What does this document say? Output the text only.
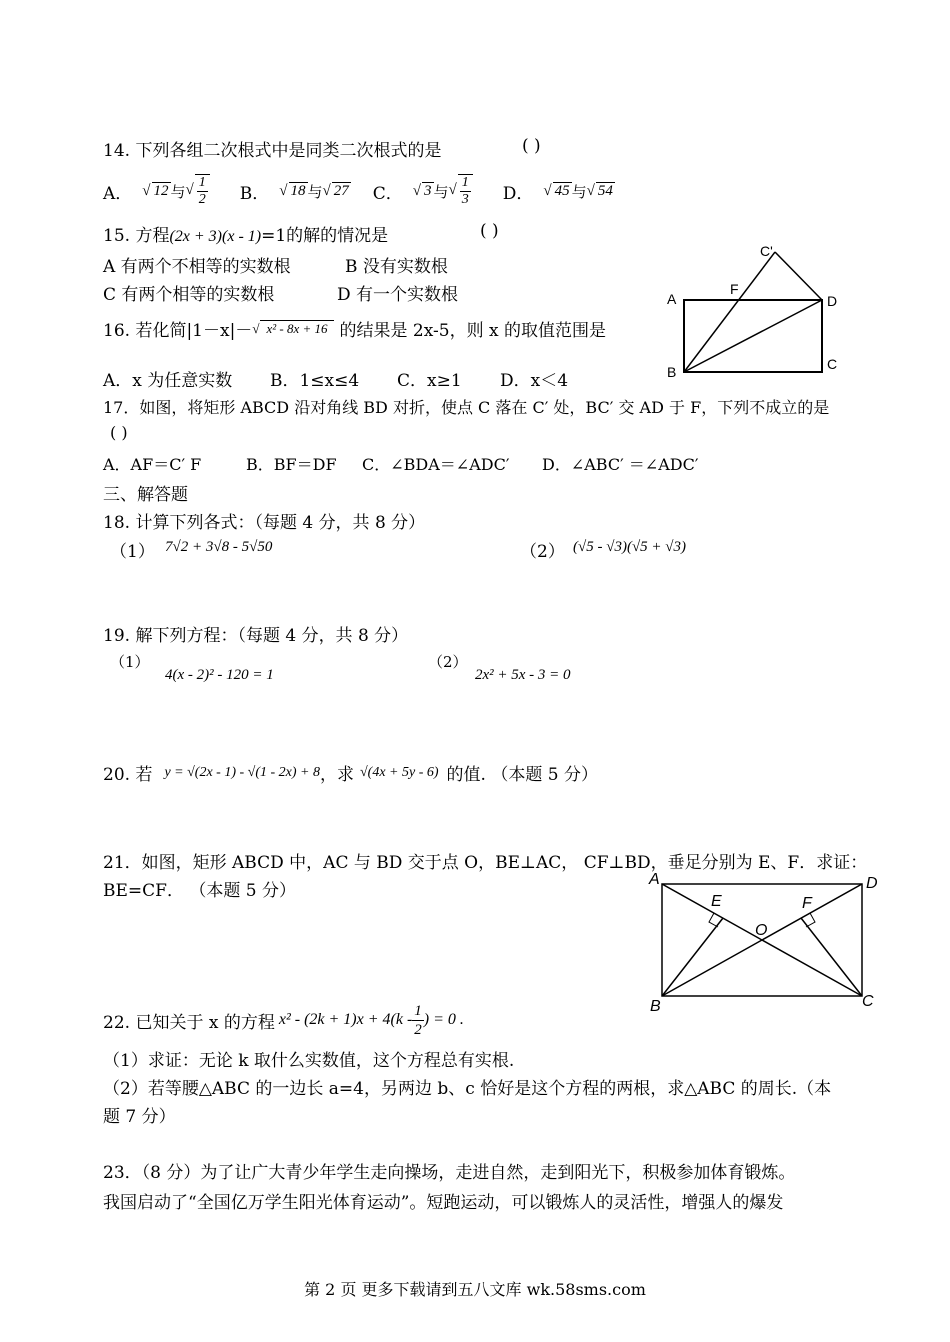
14. 下列各组二次根式中是同类二次根式的是	( )
A．	√ 12 与 √ $\frac{1}{2}$ B．	√ 18 与 √ 27 C．	√ 3 与 √ $\frac{1}{3}$ D．	√ 45 与 √ 54
15. 方程(2x + 3)(x - 1)=1的解的情况是	( )
A 有两个不相等的实数根	B 没有实数根
C 有两个相等的实数根	D 有一个实数根	A
B	C
D
F
C'
16. 若化简|1－x|－	√ x² - 8x + 16 的结果是 2x-5，则 x 的取值范围是
A．x 为任意实数 B．1≤x≤4 C．x≥1 D．x＜4
17．如图，将矩形 ABCD 沿对角线 BD 对折，使点 C 落在 C′ 处，BC′ 交 AD 于 F，下列不成立的是
( )
A．AF＝C′ F	B．BF＝DF C．∠BDA＝∠ADC′ D．∠ABC′ ＝∠ADC′
三、解答题
18. 计算下列各式：（每题 4 分，共 8 分）
（1） 7√2 + 3√8 - 5√50	（2） (√5 - √3)(√5 + √3)
19. 解下列方程：（每题 4 分，共 8 分）
（1）
4(x - 2)² - 120 = 1
（2）
2x² + 5x - 3 = 0
20. 若 y = √(2x - 1) - √(1 - 2x) + 8 ，求 √(4x + 5y - 6) 的值. （本题 5 分）
21．如图，矩形 ABCD 中，AC 与 BD 交于点 O，BE⊥AC， CF⊥BD，垂足分别为 E、F．求证：
BE=CF． （本题 5 分）
A	D
B	C
E	F
O
22. 已知关于 x 的方程 $x^2 - (2k + 1)x + 4(k - \frac{1}{2}$ ) = 0 .
（1）求证：无论 k 取什么实数值，这个方程总有实根.
（2）若等腰△ABC 的一边长 a=4，另两边 b、c 恰好是这个方程的两根，求△ABC 的周长.（本
题 7 分）
23．（8 分）为了让广大青少年学生走向操场，走进自然，走到阳光下，积极参加体育锻炼。
我国启动了“全国亿万学生阳光体育运动”。短跑运动，可以锻炼人的灵活性，增强人的爆发
第 2 页 更多下载请到五八文库 wk.58sms.com
